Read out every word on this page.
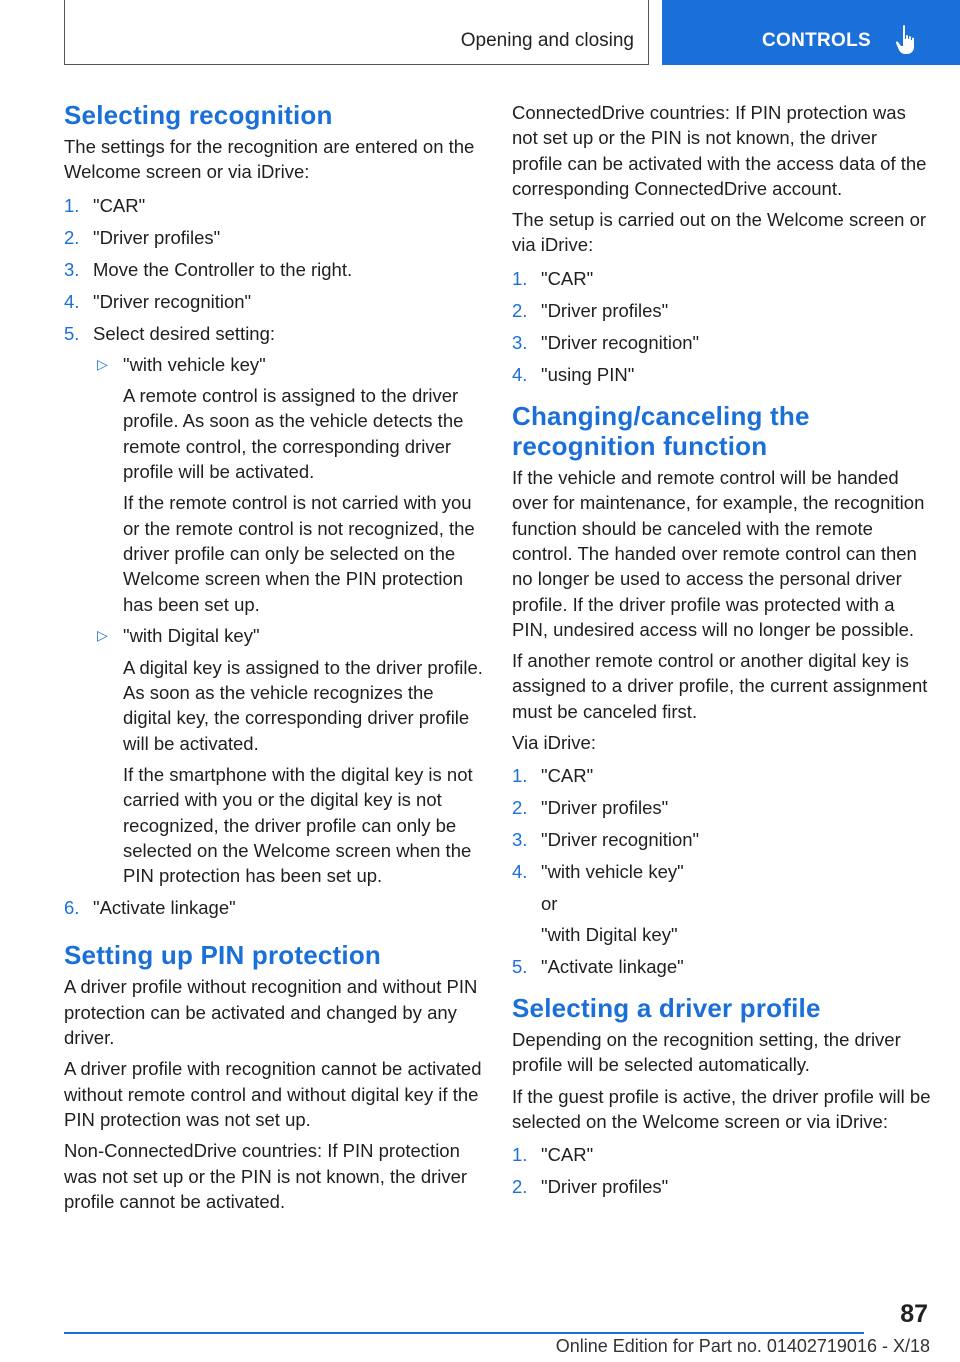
Opening and closing	CONTROLS
Selecting recognition

The settings for the recognition are entered on the Welcome screen or via iDrive:

1. "CAR"
2. "Driver profiles"
3. Move the Controller to the right.
4. "Driver recognition"
5. Select desired setting:
▷ "with vehicle key"

A remote control is assigned to the driver profile. As soon as the vehicle detects the remote control, the corresponding driver profile will be activated.

If the remote control is not carried with you or the remote control is not recognized, the driver profile can only be selected on the Welcome screen when the PIN protection has been set up.

▷ "with Digital key"

A digital key is assigned to the driver profile. As soon as the vehicle recognizes the digital key, the corresponding driver profile will be activated.

If the smartphone with the digital key is not carried with you or the digital key is not recognized, the driver profile can only be selected on the Welcome screen when the PIN protection has been set up.

6. "Activate linkage"
Setting up PIN protection

A driver profile without recognition and without PIN protection can be activated and changed by any driver.

A driver profile with recognition cannot be activated without remote control and without digital key if the PIN protection was not set up.

Non-ConnectedDrive countries: If PIN protection was not set up or the PIN is not known, the driver profile cannot be activated.

ConnectedDrive countries: If PIN protection was not set up or the PIN is not known, the driver profile can be activated with the access data of the corresponding ConnectedDrive account.

The setup is carried out on the Welcome screen or via iDrive:

1. "CAR"
2. "Driver profiles"
3. "Driver recognition"
4. "using PIN"
Changing/canceling the recognition function

If the vehicle and remote control will be handed over for maintenance, for example, the recognition function should be canceled with the remote control. The handed over remote control can then no longer be used to access the personal driver profile. If the driver profile was protected with a PIN, undesired access will no longer be possible.

If another remote control or another digital key is assigned to a driver profile, the current assignment must be canceled first.

Via iDrive:

1. "CAR"
2. "Driver profiles"
3. "Driver recognition"
4. "with vehicle key"

or

"with Digital key"

5. "Activate linkage"
Selecting a driver profile

Depending on the recognition setting, the driver profile will be selected automatically.

If the guest profile is active, the driver profile will be selected on the Welcome screen or via iDrive:

1. "CAR"
2. "Driver profiles"
87
Online Edition for Part no. 01402719016 - X/18
